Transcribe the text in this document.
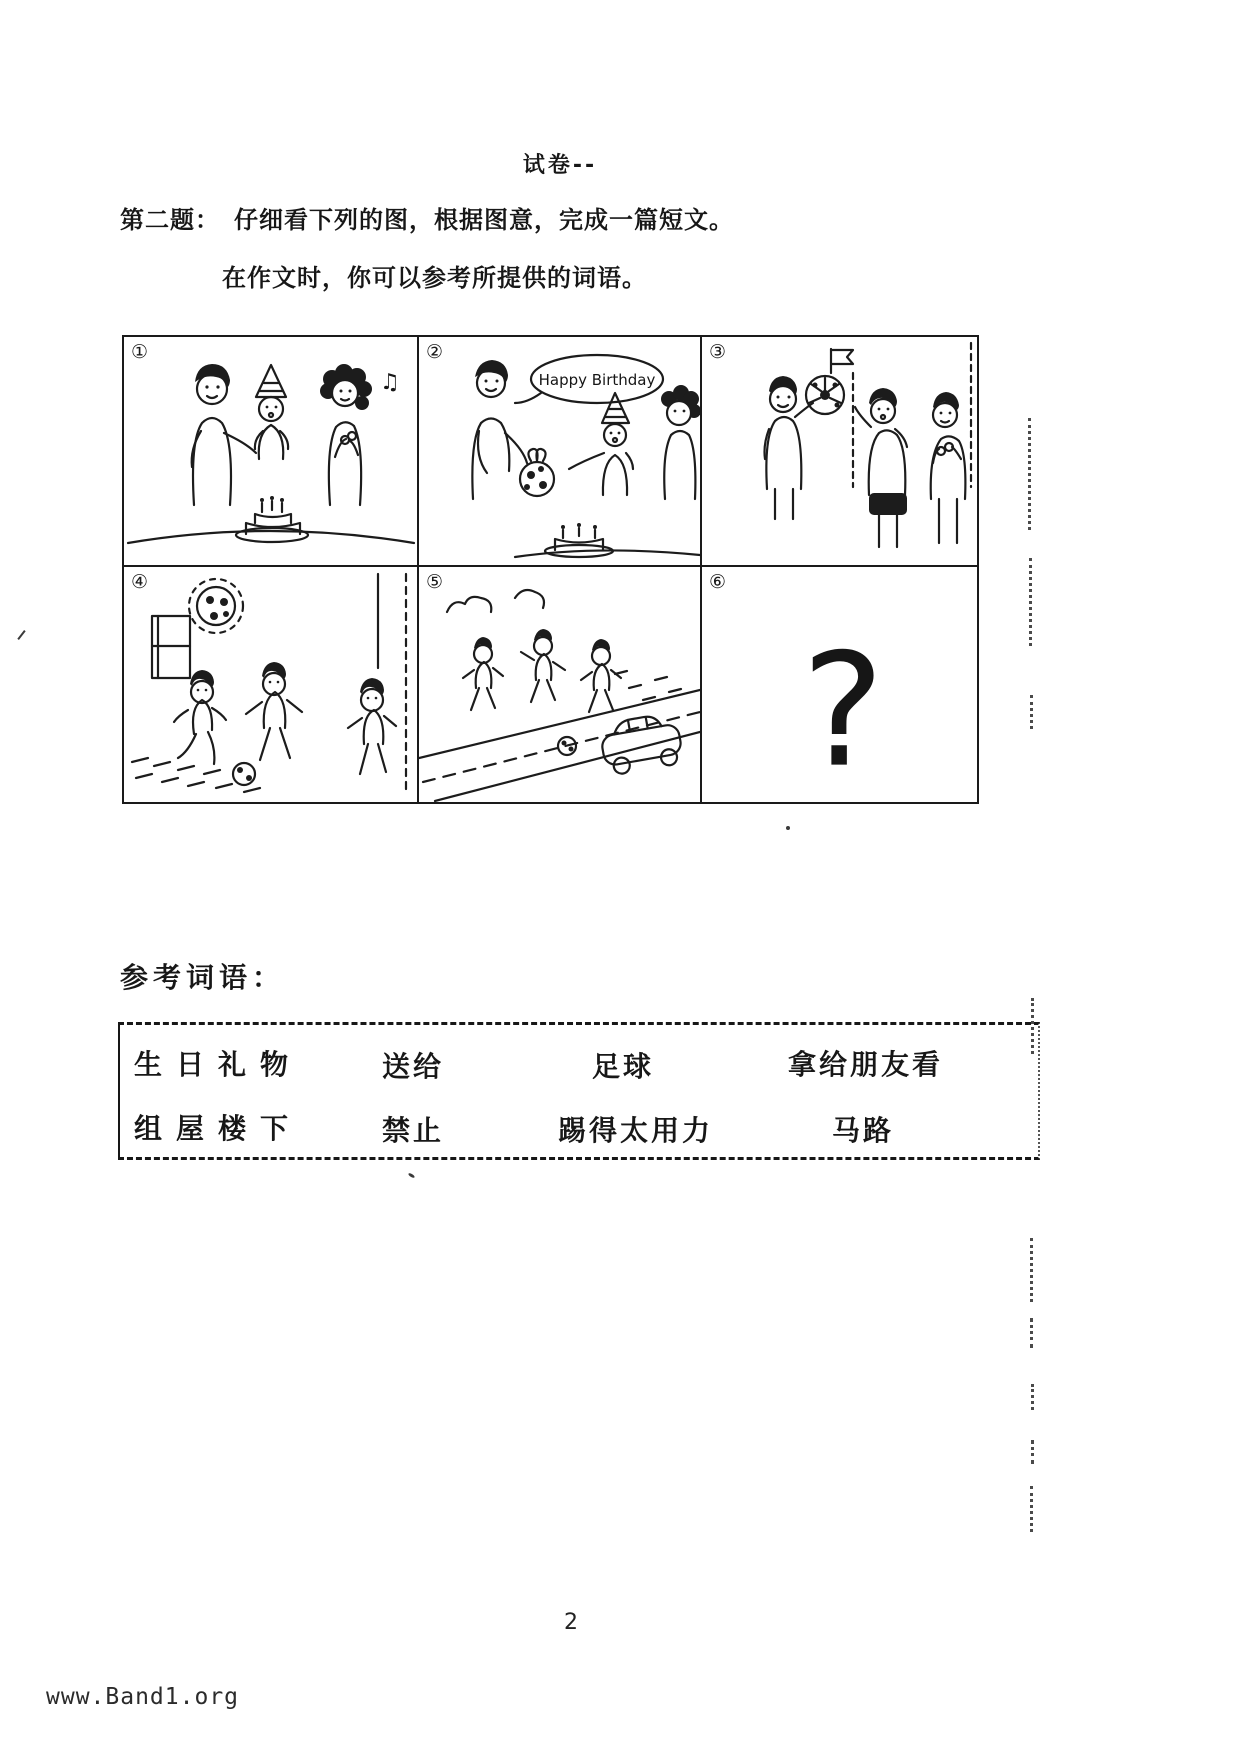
试卷--
第二题： 仔细看下列的图，根据图意，完成一篇短文。
在作文时，你可以参考所提供的词语。
①
♫
②
Happy Birthday
③
④	⑤	⑥
?
参考词语：
生日礼物	送给	足球	拿给朋友看
组屋楼下	禁止	踢得太用力	马路
2
www.Band1.org
